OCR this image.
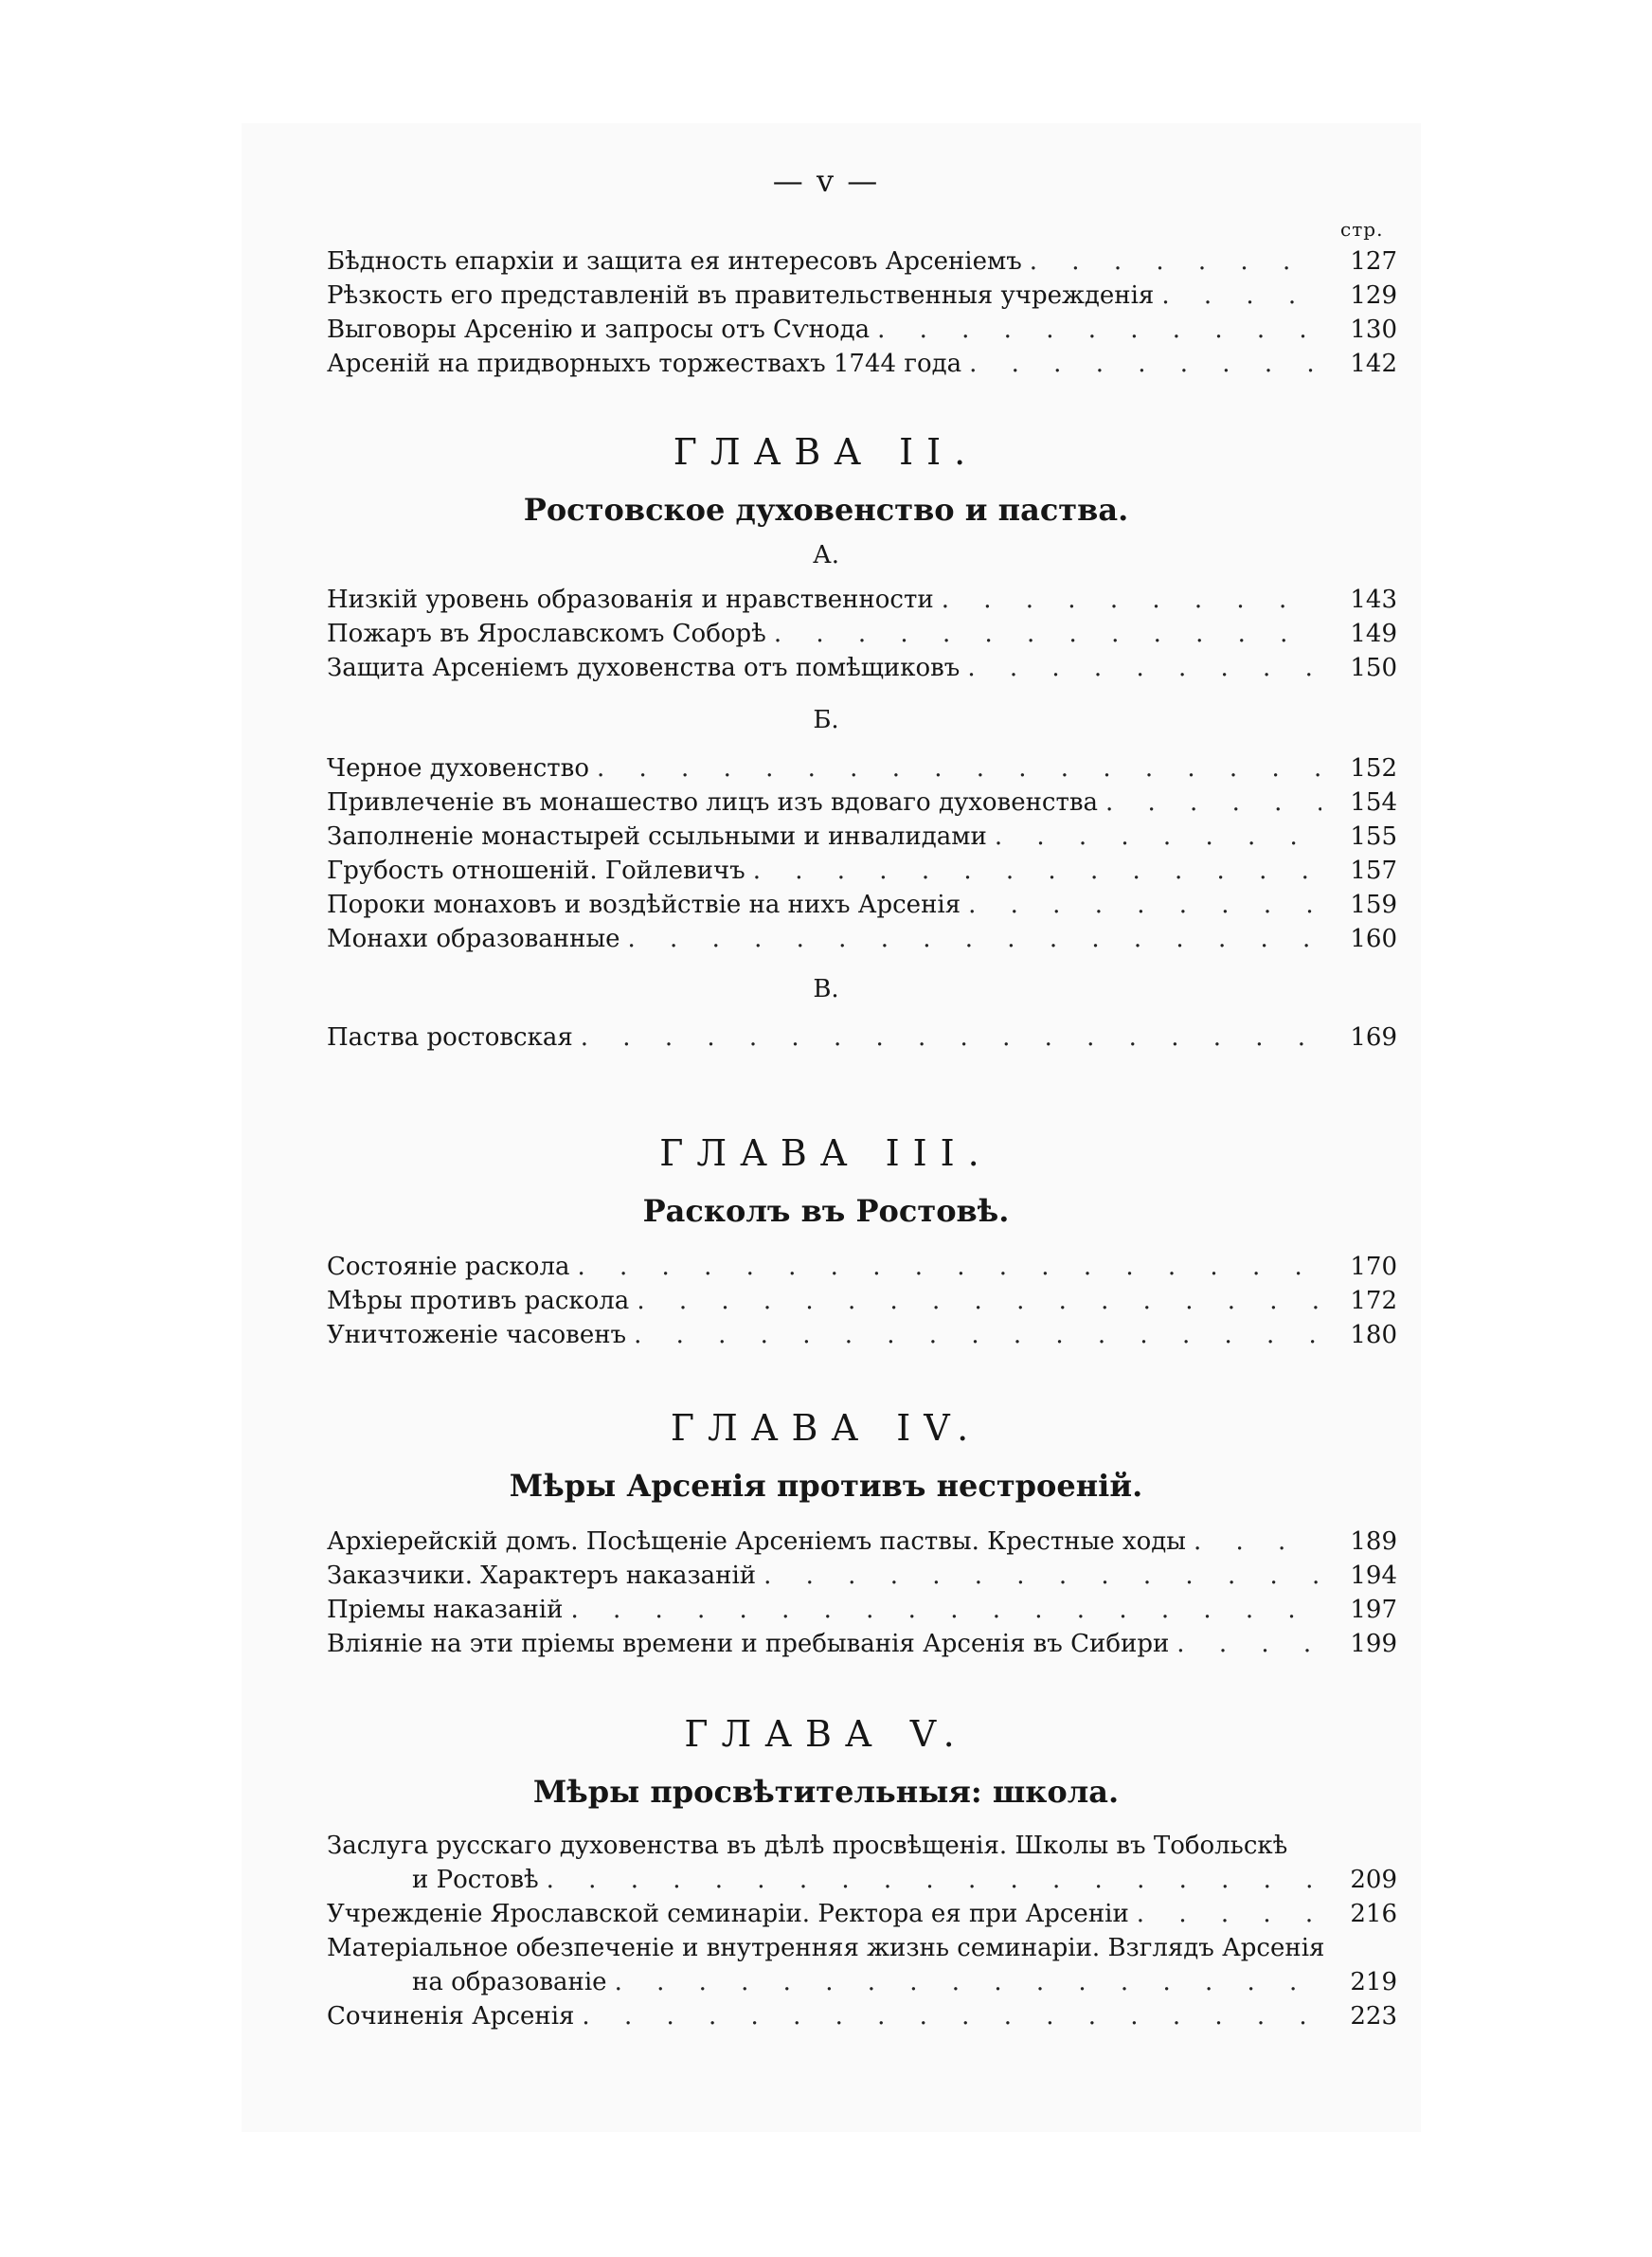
— v —
стр.
Бѣдность епархіи и защита ея интересовъ Арсеніемъ . . .	127
Рѣзкость его представленій въ правительственныя учрежденія . . .	129
Выговоры Арсенію и запросы отъ Сѵнода . . .	130
Арсеній на придворныхъ торжествахъ 1744 года . . .	142
ГЛАВА II.
Ростовское духовенство и паства.
А.
Низкій уровень образованія и нравственности . . .	143
Пожаръ въ Ярославскомъ Соборѣ . . .	149
Защита Арсеніемъ духовенства отъ помѣщиковъ . . .	150
Б.
Черное духовенство . . .	152
Привлеченіе въ монашество лицъ изъ вдоваго духовенства . . .	154
Заполненіе монастырей ссыльными и инвалидами . . .	155
Грубость отношеній. Гойлевичъ . . .	157
Пороки монаховъ и воздѣйствіе на нихъ Арсенія . . .	159
Монахи образованные . . .	160
В.
Паства ростовская . . .	169
ГЛАВА III.
Расколъ въ Ростовѣ.
Состояніе раскола . . .	170
Мѣры противъ раскола . . .	172
Уничтоженіе часовенъ . . .	180
ГЛАВА IV.
Мѣры Арсенія противъ нестроеній.
Архіерейскій домъ. Посѣщеніе Арсеніемъ паствы. Крестные ходы . . .	189
Заказчики. Характеръ наказаній . . .	194
Пріемы наказаній . . .	197
Вліяніе на эти пріемы времени и пребыванія Арсенія въ Сибири . . .	199
ГЛАВА V.
Мѣры просвѣтительныя: школа.
Заслуга русскаго духовенства въ дѣлѣ просвѣщенія. Школы въ Тобольскѣ
и Ростовѣ . . .	209
Учрежденіе Ярославской семинаріи. Ректора ея при Арсеніи . . .	216
Матеріальное обезпеченіе и внутренняя жизнь семинаріи. Взглядъ Арсенія
на образованіе . . .	219
Сочиненія Арсенія . . .	223
